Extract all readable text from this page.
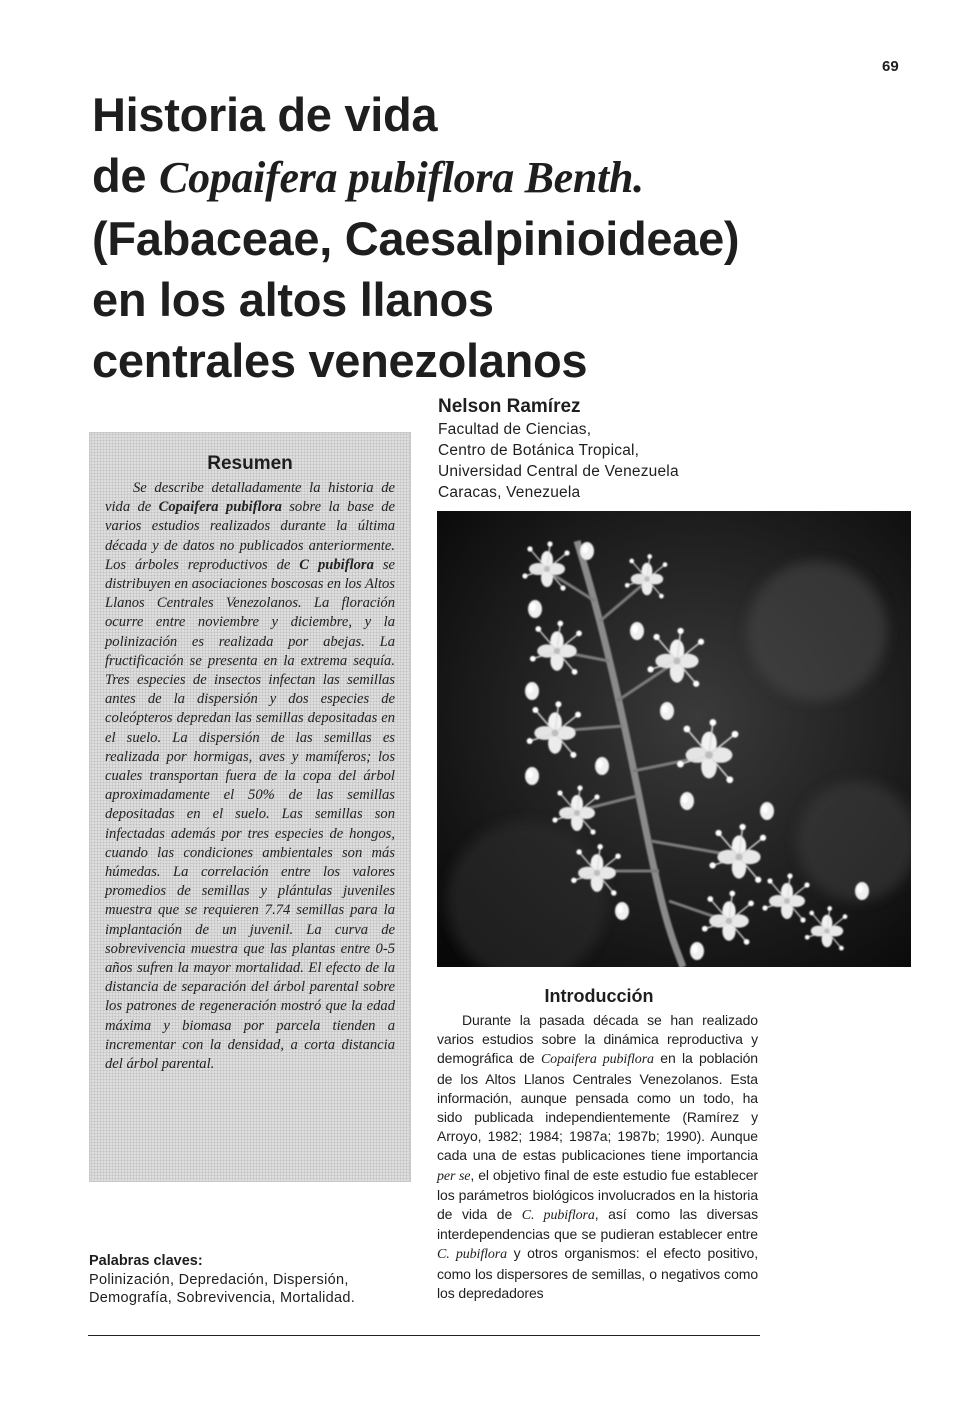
69
Historia de vida
de Copaifera pubiflora Benth.
(Fabaceae, Caesalpinioideae)
en los altos llanos
centrales venezolanos
Nelson Ramírez
Facultad de Ciencias,
Centro de Botánica Tropical,
Universidad Central de Venezuela
Caracas, Venezuela
Resumen
Se describe detalladamente la historia de vida de Copaifera pubiflora sobre la base de varios estudios realizados durante la última década y de datos no publicados anteriormente. Los árboles reproductivos de C pubiflora se distribuyen en asociaciones boscosas en los Altos Llanos Centrales Venezolanos. La floración ocurre entre noviembre y diciembre, y la polinización es realizada por abejas. La fructificación se presenta en la extrema sequía. Tres especies de insectos infectan las semillas antes de la dispersión y dos especies de coleópteros depredan las semillas depositadas en el suelo. La dispersión de las semillas es realizada por hormigas, aves y mamíferos; los cuales transportan fuera de la copa del árbol aproximadamente el 50% de las semillas depositadas en el suelo. Las semillas son infectadas además por tres especies de hongos, cuando las condiciones ambientales son más húmedas. La correlación entre los valores promedios de semillas y plántulas juveniles muestra que se requieren 7.74 semillas para la implantación de un juvenil. La curva de sobrevivencia muestra que las plantas entre 0-5 años sufren la mayor mortalidad. El efecto de la distancia de separación del árbol parental sobre los patrones de regeneración mostró que la edad máxima y biomasa por parcela tienden a incrementar con la densidad, a corta distancia del árbol parental.
Palabras claves:
Polinización, Depredación, Dispersión,
Demografía, Sobrevivencia, Mortalidad.
Introducción
Durante la pasada década se han realizado varios estudios sobre la dinámica reproductiva y demográfica de Copaifera pubiflora en la población de los Altos Llanos Centrales Venezolanos. Esta información, aunque pensada como un todo, ha sido publicada independientemente (Ramírez y Arroyo, 1982; 1984; 1987a; 1987b; 1990). Aunque cada una de estas publicaciones tiene importancia per se, el objetivo final de este estudio fue establecer los parámetros biológicos involucrados en la historia de vida de C. pubiflora, así como las diversas interdependencias que se pudieran establecer entre C. pubiflora y otros organismos: el efecto positivo, como los dispersores de semillas, o negativos como los depredadores
